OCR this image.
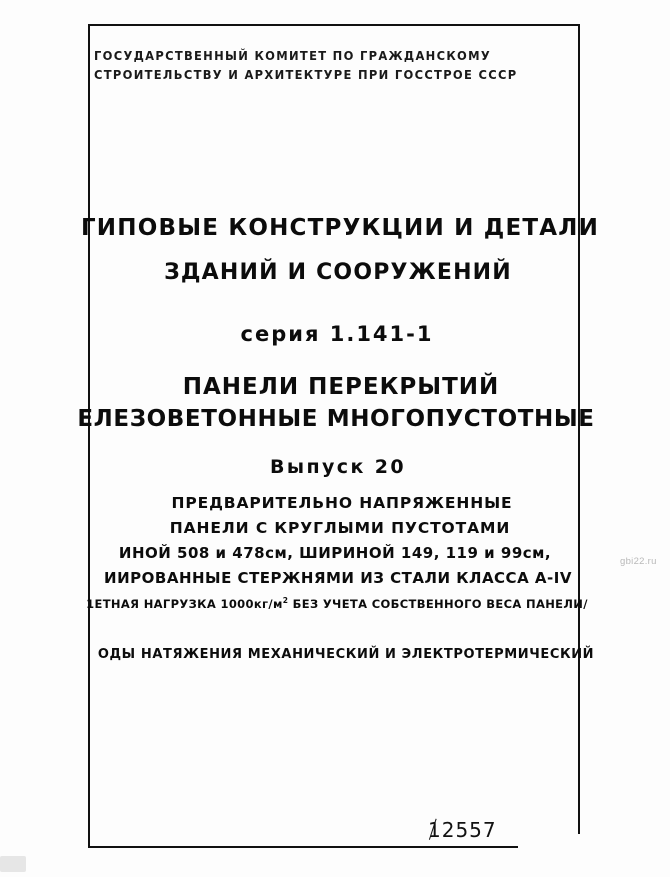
ГОСУДАРСТВЕННЫЙ КОМИТЕТ ПО ГРАЖДАНСКОМУ
СТРОИТЕЛЬСТВУ И АРХИТЕКТУРЕ ПРИ ГОССТРОЕ СССР
ГИПОВЫЕ КОНСТРУКЦИИ И ДЕТАЛИ
ЗДАНИЙ И СООРУЖЕНИЙ
серия 1.141-1
ПАНЕЛИ ПЕРЕКРЫТИЙ
ЕЛЕЗОВЕТОННЫЕ МНОГОПУСТОТНЫЕ
Выпуск 20
ПРЕДВАРИТЕЛЬНО НАПРЯЖЕННЫЕ
ПАНЕЛИ С КРУГЛЫМИ ПУСТОТАМИ
ИНОЙ 508 и 478см, ШИРИНОЙ 149, 119 и 99см,
ИИРОВАННЫЕ СТЕРЖНЯМИ ИЗ СТАЛИ КЛАССА А-IV
1ЕТНАЯ НАГРУЗКА $1000кг/м^2$ БЕЗ УЧЕТА СОБСТВЕННОГО ВЕСА ПАНЕЛИ/
ОДЫ НАТЯЖЕНИЯ МЕХАНИЧЕСКИЙ И ЭЛЕКТРОТЕРМИЧЕСКИЙ
12557
gbi22.ru
